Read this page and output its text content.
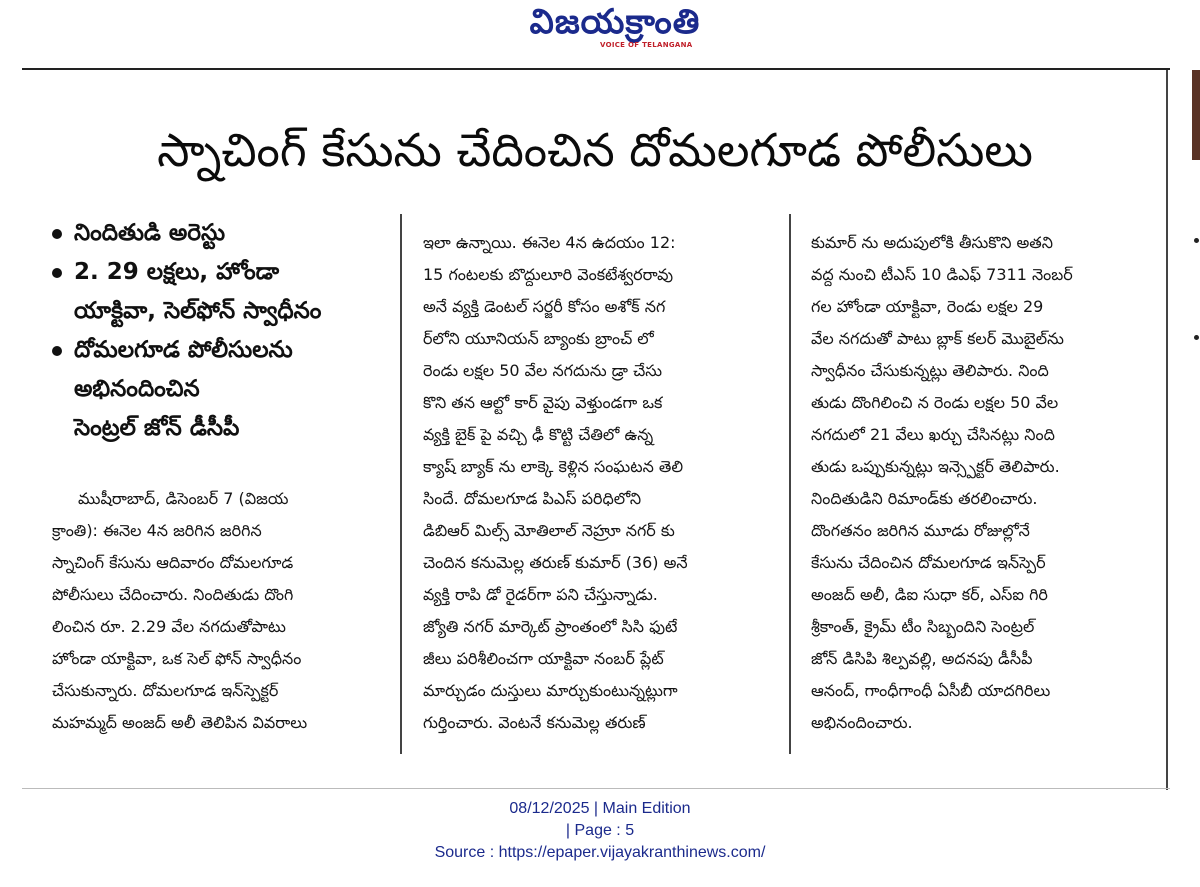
విజయక్రాంతి
VOICE OF TELANGANA
స్నాచింగ్ కేసును చేదించిన దోమలగూడ పోలీసులు
నిందితుడి అరెస్టు
2. 29 లక్షలు, హోండా
యాక్టివా, సెల్‌ఫోన్ స్వాధీనం
దోమలగూడ పోలీసులను
అభినందించిన
సెంట్రల్ జోన్ డీసీపీ
ముషీరాబాద్, డిసెంబర్ 7 (విజయ
క్రాంతి): ఈనెల 4న జరిగిన జరిగిన
స్నాచింగ్ కేసును ఆదివారం దోమలగూడ
పోలీసులు చేదించారు. నిందితుడు దొంగి
లించిన రూ. 2.29 వేల నగదుతోపాటు
హోండా యాక్టివా, ఒక సెల్ ఫోన్ స్వాధీనం
చేసుకున్నారు. దోమలగూడ ఇన్‌స్పెక్టర్
మహమ్మద్ అంజద్ అలీ తెలిపిన వివరాలు
ఇలా ఉన్నాయి. ఈనెల 4న ఉదయం 12:
15 గంటలకు బొద్దులూరి వెంకటేశ్వరరావు
అనే వ్యక్తి డెంటల్ సర్జరీ కోసం అశోక్ నగ
ర్‌లోని యూనియన్ బ్యాంకు బ్రాంచ్ లో
రెండు లక్షల 50 వేల నగదును డ్రా చేసు
కొని తన ఆల్టో కార్ వైపు వెళ్తుండగా ఒక
వ్యక్తి బైక్ పై వచ్చి ఢీ కొట్టి చేతిలో ఉన్న
క్యాష్ బ్యాక్ ను లాక్కె కెళ్లిన సంఘటన తెలి
సిందే. దోమలగూడ పిఎస్ పరిధిలోని
డిబిఆర్ మిల్స్ మోతిలాల్ నెహ్రూ నగర్ కు
చెందిన కనుమెల్ల తరుణ్ కుమార్ (36) అనే
వ్యక్తి రాపి డో రైడర్‌గా పని చేస్తున్నాడు.
జ్యోతి నగర్ మార్కెట్ ప్రాంతంలో సిసి ఫుటే
జీలు పరిశీలించగా యాక్టివా నంబర్ ప్లేట్
మార్చుడం దుస్తులు మార్చుకుంటున్నట్లుగా
గుర్తించారు. వెంటనే కనుమెల్ల తరుణ్
కుమార్ ను అదుపులోకి తీసుకొని అతని
వద్ద నుంచి టీఎస్ 10 డిఎఫ్ 7311 నెంబర్
గల హోండా యాక్టివా, రెండు లక్షల 29
వేల నగదుతో పాటు బ్లాక్ కలర్ మొబైల్‌ను
స్వాధీనం చేసుకున్నట్లు తెలిపారు. నింది
తుడు దొంగిలించి న రెండు లక్షల 50 వేల
నగదులో 21 వేలు ఖర్చు చేసినట్లు నింది
తుడు ఒప్పుకున్నట్లు ఇన్స్పెక్టర్ తెలిపారు.
నిందితుడిని రిమాండ్‌కు తరలించారు.
దొంగతనం జరిగిన మూడు రోజుల్లోనే
కేసును చేదించిన దోమలగూడ ఇన్‌స్పెర్
అంజద్ అలీ, డిఐ సుధా కర్, ఎస్ఐ గిరి
శ్రీకాంత్, క్రైమ్ టీం సిబ్బందిని సెంట్రల్
జోన్ డిసిపి శిల్పవల్లి, అదనపు డీసీపీ
ఆనంద్, గాంధీగాంధీ ఏసీబీ యాదగిరిలు
అభినందించారు.
08/12/2025 | Main Edition
| Page : 5
Source : https://epaper.vijayakranthinews.com/
